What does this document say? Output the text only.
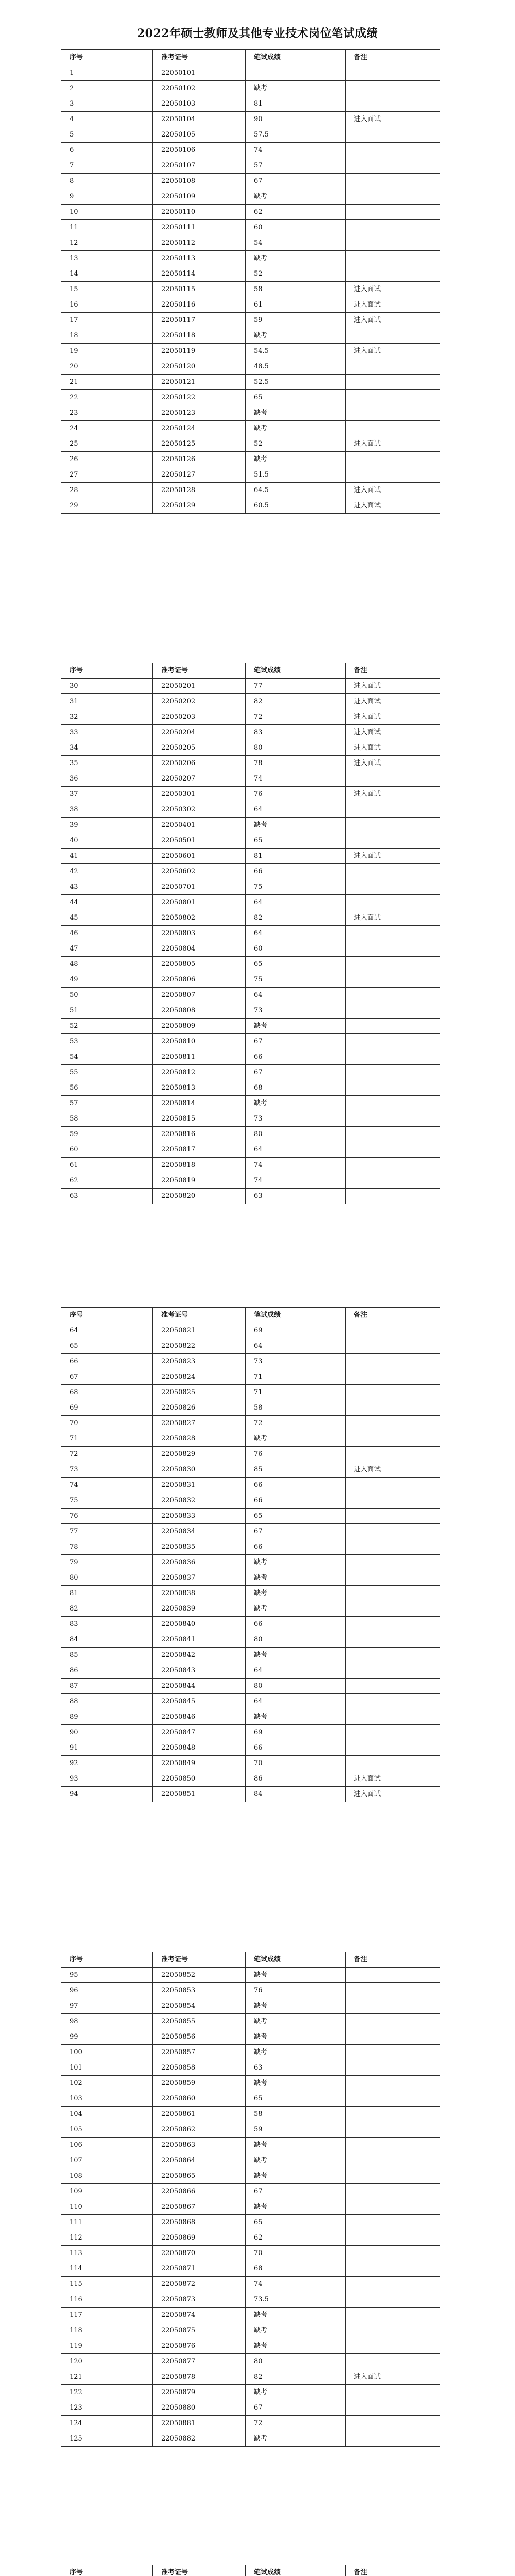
2022年硕士教师及其他专业技术岗位笔试成绩
序号	准考证号	笔试成绩	备注
1	22050101		
2	22050102	缺考	
3	22050103	81	
4	22050104	90	进入面试
5	22050105	57.5	
6	22050106	74	
7	22050107	57	
8	22050108	67	
9	22050109	缺考	
10	22050110	62	
11	22050111	60	
12	22050112	54	
13	22050113	缺考	
14	22050114	52	
15	22050115	58	进入面试
16	22050116	61	进入面试
17	22050117	59	进入面试
18	22050118	缺考	
19	22050119	54.5	进入面试
20	22050120	48.5	
21	22050121	52.5	
22	22050122	65	
23	22050123	缺考	
24	22050124	缺考	
25	22050125	52	进入面试
26	22050126	缺考	
27	22050127	51.5	
28	22050128	64.5	进入面试
29	22050129	60.5	进入面试
序号	准考证号	笔试成绩	备注
30	22050201	77	进入面试
31	22050202	82	进入面试
32	22050203	72	进入面试
33	22050204	83	进入面试
34	22050205	80	进入面试
35	22050206	78	进入面试
36	22050207	74	
37	22050301	76	进入面试
38	22050302	64	
39	22050401	缺考	
40	22050501	65	
41	22050601	81	进入面试
42	22050602	66	
43	22050701	75	
44	22050801	64	
45	22050802	82	进入面试
46	22050803	64	
47	22050804	60	
48	22050805	65	
49	22050806	75	
50	22050807	64	
51	22050808	73	
52	22050809	缺考	
53	22050810	67	
54	22050811	66	
55	22050812	67	
56	22050813	68	
57	22050814	缺考	
58	22050815	73	
59	22050816	80	
60	22050817	64	
61	22050818	74	
62	22050819	74	
63	22050820	63	
序号	准考证号	笔试成绩	备注
64	22050821	69	
65	22050822	64	
66	22050823	73	
67	22050824	71	
68	22050825	71	
69	22050826	58	
70	22050827	72	
71	22050828	缺考	
72	22050829	76	
73	22050830	85	进入面试
74	22050831	66	
75	22050832	66	
76	22050833	65	
77	22050834	67	
78	22050835	66	
79	22050836	缺考	
80	22050837	缺考	
81	22050838	缺考	
82	22050839	缺考	
83	22050840	66	
84	22050841	80	
85	22050842	缺考	
86	22050843	64	
87	22050844	80	
88	22050845	64	
89	22050846	缺考	
90	22050847	69	
91	22050848	66	
92	22050849	70	
93	22050850	86	进入面试
94	22050851	84	进入面试
序号	准考证号	笔试成绩	备注
95	22050852	缺考	
96	22050853	76	
97	22050854	缺考	
98	22050855	缺考	
99	22050856	缺考	
100	22050857	缺考	
101	22050858	63	
102	22050859	缺考	
103	22050860	65	
104	22050861	58	
105	22050862	59	
106	22050863	缺考	
107	22050864	缺考	
108	22050865	缺考	
109	22050866	67	
110	22050867	缺考	
111	22050868	65	
112	22050869	62	
113	22050870	70	
114	22050871	68	
115	22050872	74	
116	22050873	73.5	
117	22050874	缺考	
118	22050875	缺考	
119	22050876	缺考	
120	22050877	80	
121	22050878	82	进入面试
122	22050879	缺考	
123	22050880	67	
124	22050881	72	
125	22050882	缺考	
序号	准考证号	笔试成绩	备注
